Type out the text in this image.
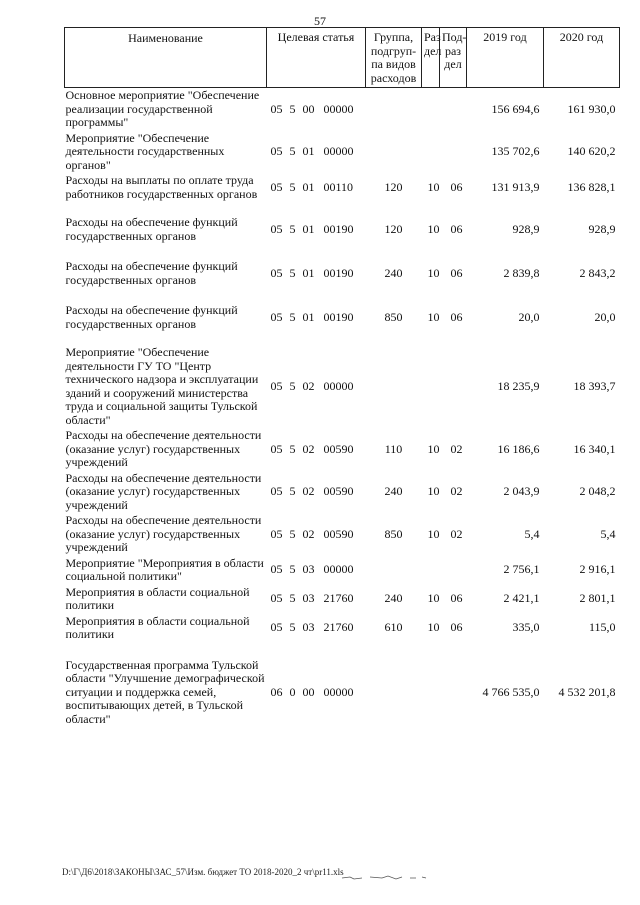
57
Наименование	Целевая статья	Группа, подгруп-па видов расходов	Раз дел	Под-раз дел	2019 год	2020 год
Основное мероприятие "Обеспечение реализации государственной программы"	05 5 00 00000				156 694,6	161 930,0
Мероприятие "Обеспечение деятельности государственных органов"	05 5 01 00000				135 702,6	140 620,2
Расходы на выплаты по оплате труда работников государственных органов	05 5 01 00110	120	10	06	131 913,9	136 828,1
Расходы на обеспечение функций государственных органов	05 5 01 00190	120	10	06	928,9	928,9
Расходы на обеспечение функций государственных органов	05 5 01 00190	240	10	06	2 839,8	2 843,2
Расходы на обеспечение функций государственных органов	05 5 01 00190	850	10	06	20,0	20,0
Мероприятие "Обеспечение деятельности ГУ ТО "Центр технического надзора и эксплуатации зданий и сооружений министерства труда и социальной защиты Тульской области"	05 5 02 00000				18 235,9	18 393,7
Расходы на обеспечение деятельности (оказание услуг) государственных учреждений	05 5 02 00590	110	10	02	16 186,6	16 340,1
Расходы на обеспечение деятельности (оказание услуг) государственных учреждений	05 5 02 00590	240	10	02	2 043,9	2 048,2
Расходы на обеспечение деятельности (оказание услуг) государственных учреждений	05 5 02 00590	850	10	02	5,4	5,4
Мероприятие "Мероприятия в области социальной политики"	05 5 03 00000				2 756,1	2 916,1
Мероприятия в области социальной политики	05 5 03 21760	240	10	06	2 421,1	2 801,1
Мероприятия в области социальной политики	05 5 03 21760	610	10	06	335,0	115,0
Государственная программа Тульской области "Улучшение демографической ситуации и поддержка семей, воспитывающих детей, в Тульской области"	06 0 00 00000				4 766 535,0	4 532 201,8
D:\Г\Д6\2018\ЗАКОНЫ\ЗАС_57\Изм. бюджет ТО 2018-2020_2 чт\pr11.xls
